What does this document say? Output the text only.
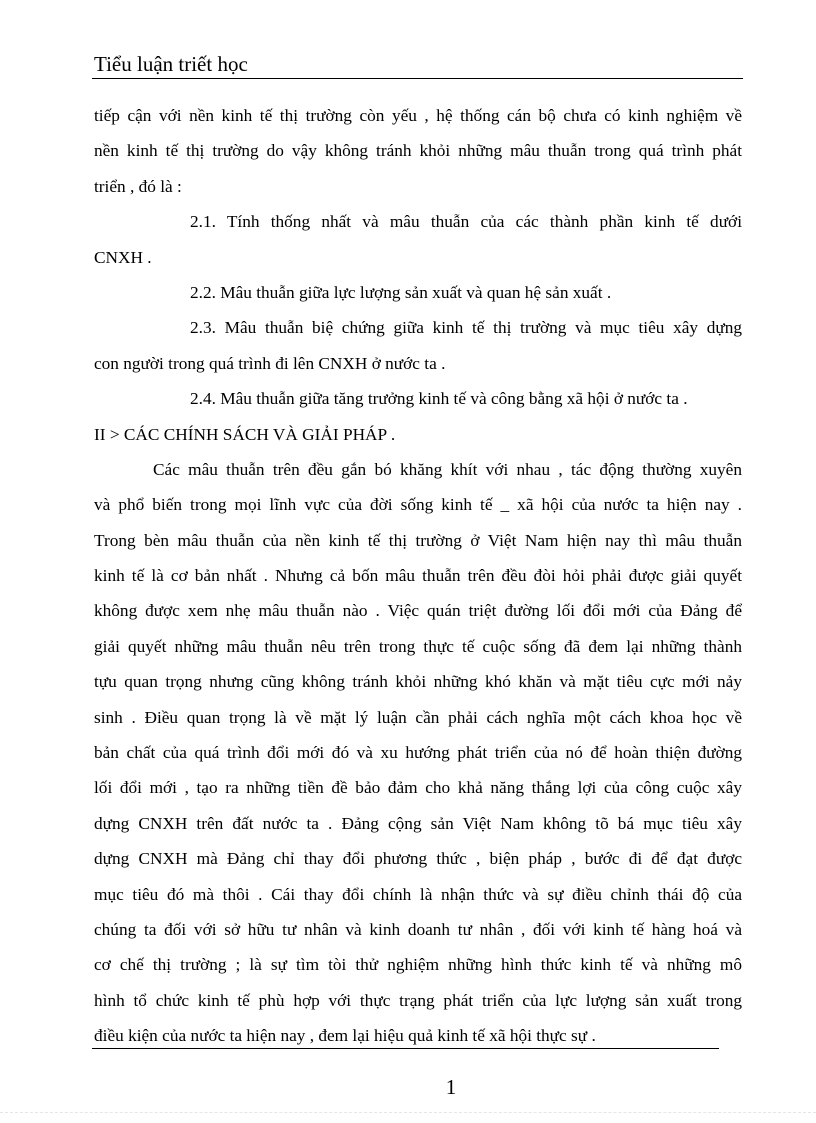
Tiểu luận triết học
tiếp cận với nền kinh tế thị trường còn yếu , hệ thống cán bộ chưa có kinh nghiệm về
nền kinh tế thị trường do vậy không tránh khỏi những mâu thuẫn trong quá trình phát
triển , đó là :
2.1. Tính thống nhất và mâu thuẫn của các thành phần kinh tế dưới
CNXH .
2.2. Mâu thuẫn giữa lực lượng sản xuất và quan hệ sản xuất .
2.3. Mâu thuẫn biệ chứng giữa kinh tế thị trường và mục tiêu xây dựng
con người trong quá trình đi lên CNXH ở nước ta .
2.4. Mâu thuẫn giữa tăng trưởng kinh tế và công bằng xã hội ở nước ta .
II > CÁC CHÍNH SÁCH VÀ GIẢI PHÁP .
Các mâu thuẫn trên đều gắn bó khăng khít với nhau , tác động thường xuyên
và phổ biến trong mọi lĩnh vực của đời sống kinh tế _ xã hội của nước ta hiện nay .
Trong bèn mâu thuẫn của nền kinh tế thị trường ở Việt Nam hiện nay thì mâu thuẫn
kinh tế là cơ bản nhất . Nhưng cả bốn mâu thuẫn trên đều đòi hỏi phải được giải quyết
không được xem nhẹ mâu thuẫn nào . Việc quán triệt đường lối đổi mới của Đảng để
giải quyết những mâu thuẫn nêu trên trong thực tế cuộc sống đã đem lại những thành
tựu quan trọng nhưng cũng không tránh khỏi những khó khăn và mặt tiêu cực mới nảy
sinh . Điều quan trọng là về mặt lý luận cần phải cách nghĩa một cách khoa học về
bản chất của quá trình đổi mới đó và xu hướng phát triển của nó để hoàn thiện đường
lối đổi mới , tạo ra những tiền đề bảo đảm cho khả năng thắng lợi của công cuộc xây
dựng CNXH trên đất nước ta . Đảng cộng sản Việt Nam không tõ bá mục tiêu xây
dựng CNXH mà Đảng chỉ thay đổi phương thức , biện pháp , bước đi để đạt được
mục tiêu đó mà thôi . Cái thay đổi chính là nhận thức và sự điều chỉnh thái độ của
chúng ta đối với sở hữu tư nhân và kinh doanh tư nhân , đối với kinh tế hàng hoá và
cơ chế thị trường ; là sự tìm tòi thử nghiệm những hình thức kinh tế và những mô
hình tổ chức kinh tế phù hợp với thực trạng phát triển của lực lượng sản xuất trong
điều kiện của nước ta hiện nay , đem lại hiệu quả kinh tế xã hội thực sự .
1
